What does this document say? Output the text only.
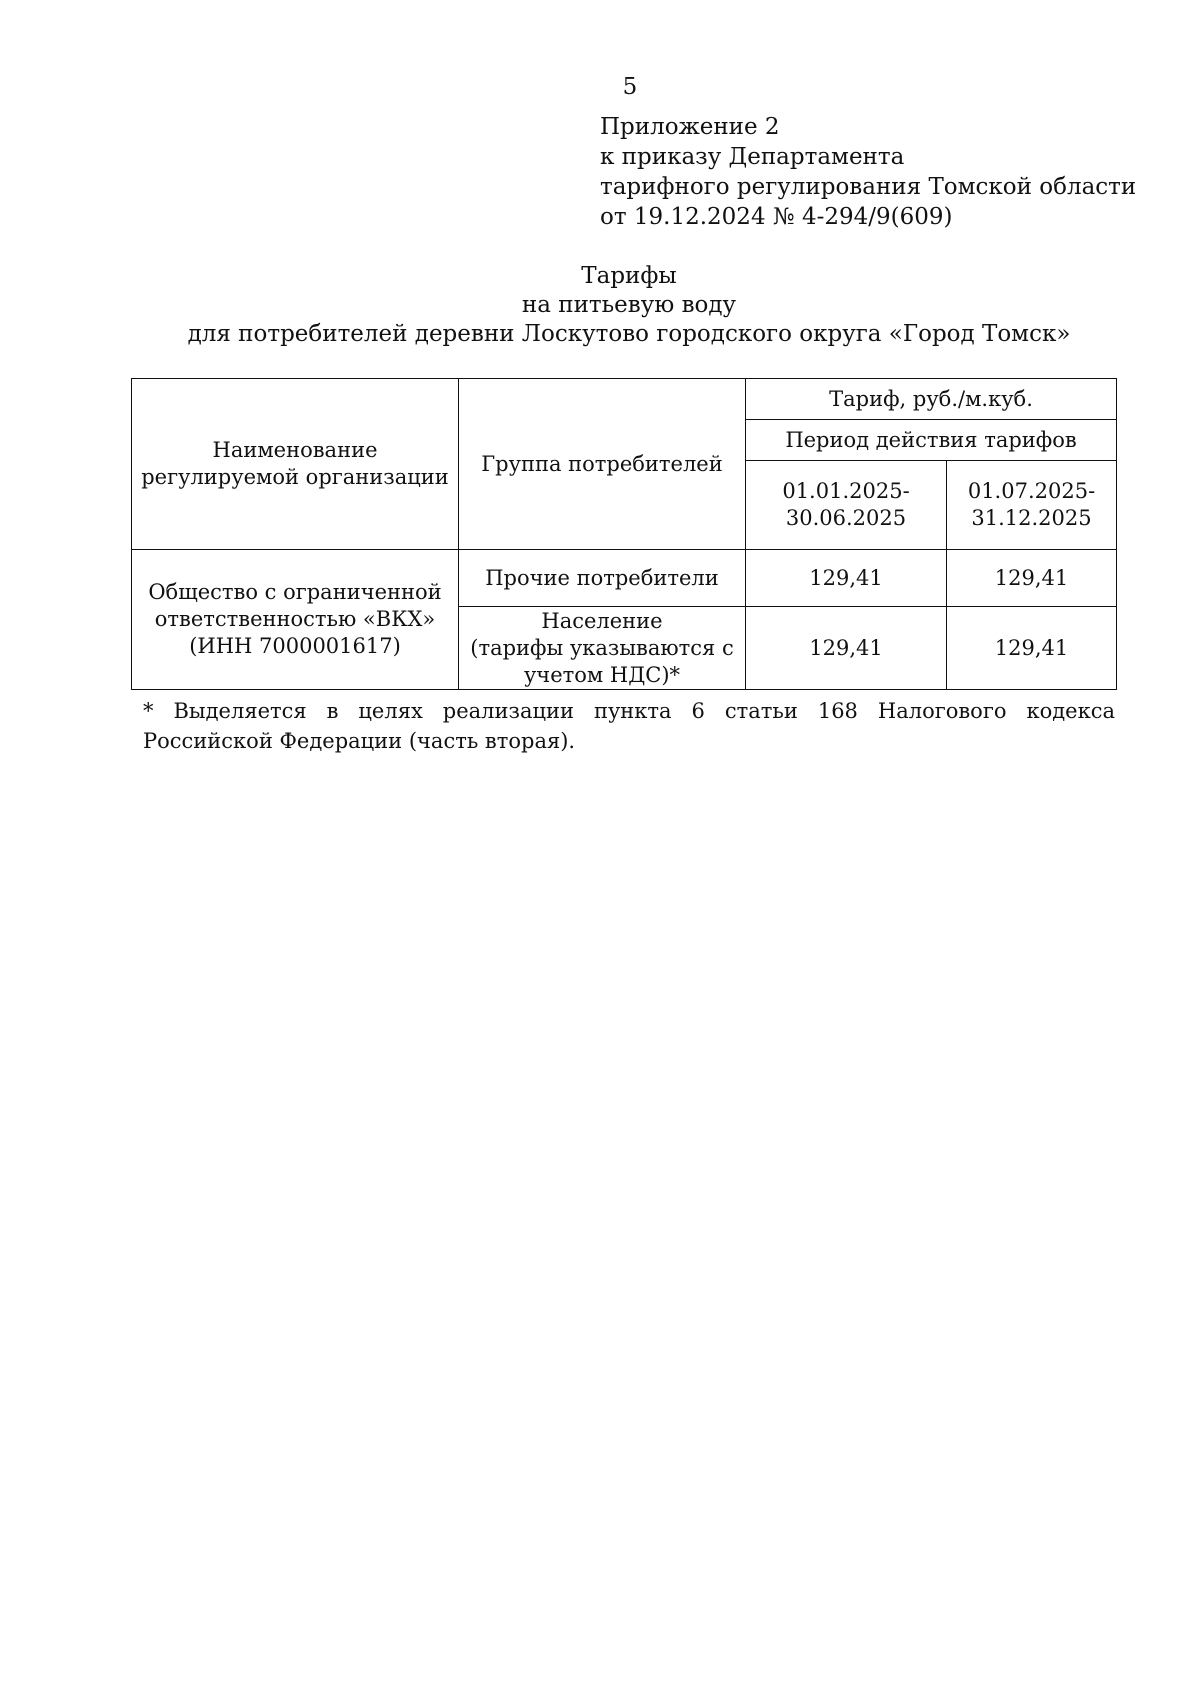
5
Приложение 2
к приказу Департамента
тарифного регулирования Томской области
от 19.12.2024 № 4-294/9(609)
Тарифы
на питьевую воду
для потребителей деревни Лоскутово городского округа «Город Томск»
Наименование регулируемой организации	Группа потребителей	Тариф, руб./м.куб.	
		Период действия тарифов	
		01.01.2025-30.06.2025	01.07.2025-31.12.2025

Общество с ограниченной
ответственностью «ВКХ»
(ИНН 7000001617)	Прочие потребители	129,41	129,41

	Население
(тарифы указываются с
учетом НДС)*	129,41	129,41
* Выделяется в целях реализации пункта 6 статьи 168 Налогового кодекса Российской Федерации (часть вторая).
